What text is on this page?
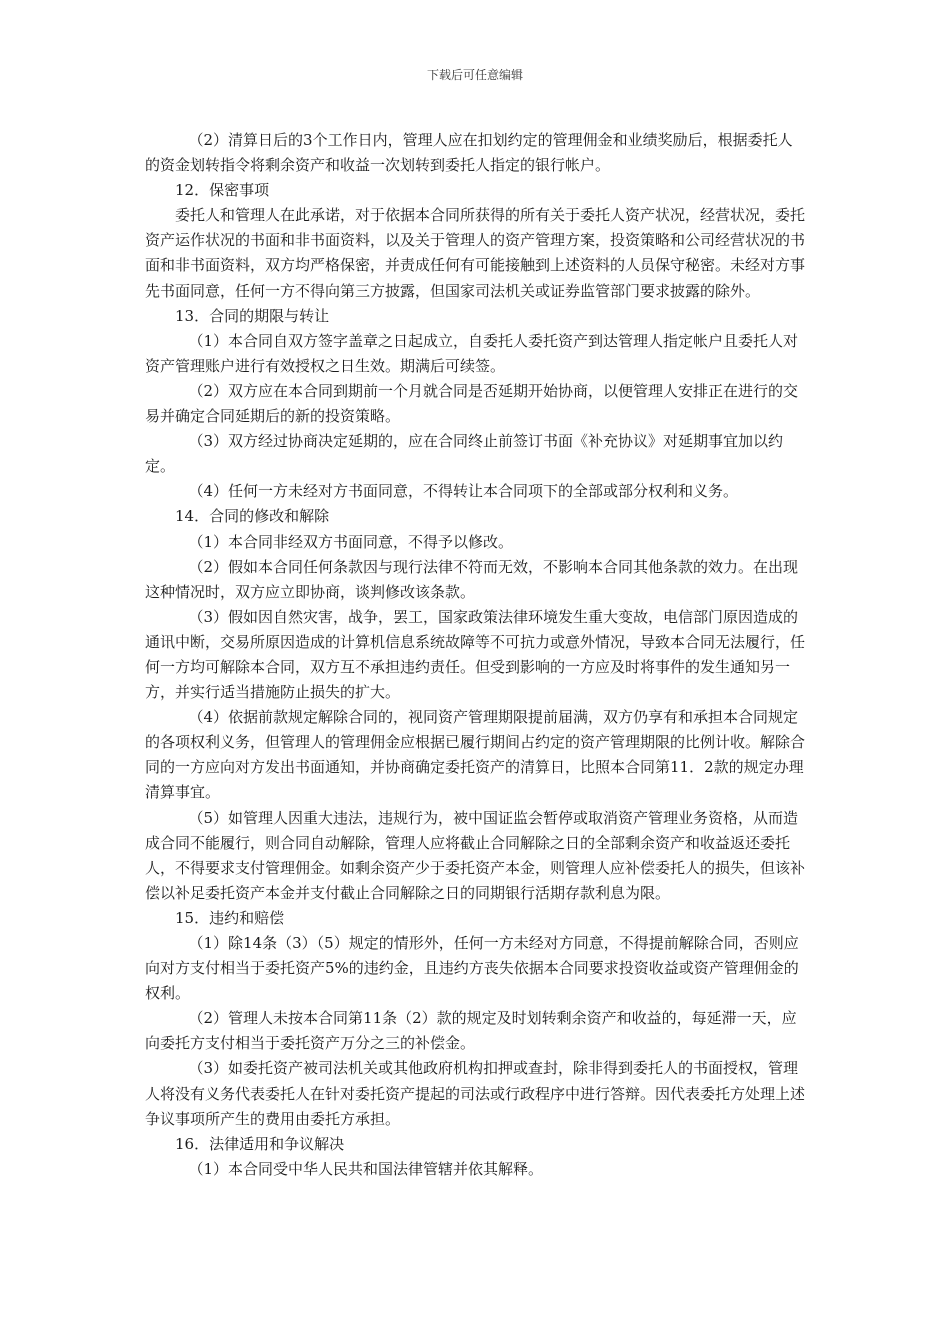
下载后可任意编辑

（2）清算日后的3个工作日内，管理人应在扣划约定的管理佣金和业绩奖励后，根据委托人的资金划转指令将剩余资产和收益一次划转到委托人指定的银行帐户。

12．保密事项

委托人和管理人在此承诺，对于依据本合同所获得的所有关于委托人资产状况，经营状况，委托资产运作状况的书面和非书面资料，以及关于管理人的资产管理方案，投资策略和公司经营状况的书面和非书面资料，双方均严格保密，并责成任何有可能接触到上述资料的人员保守秘密。未经对方事先书面同意，任何一方不得向第三方披露，但国家司法机关或证券监管部门要求披露的除外。

13．合同的期限与转让

（1）本合同自双方签字盖章之日起成立，自委托人委托资产到达管理人指定帐户且委托人对资产管理账户进行有效授权之日生效。期满后可续签。

（2）双方应在本合同到期前一个月就合同是否延期开始协商，以便管理人安排正在进行的交易并确定合同延期后的新的投资策略。

（3）双方经过协商决定延期的，应在合同终止前签订书面《补充协议》对延期事宜加以约定。

（4）任何一方未经对方书面同意，不得转让本合同项下的全部或部分权利和义务。

14．合同的修改和解除

（1）本合同非经双方书面同意，不得予以修改。

（2）假如本合同任何条款因与现行法律不符而无效，不影响本合同其他条款的效力。在出现这种情况时，双方应立即协商，谈判修改该条款。

（3）假如因自然灾害，战争，罢工，国家政策法律环境发生重大变故，电信部门原因造成的通讯中断，交易所原因造成的计算机信息系统故障等不可抗力或意外情况，导致本合同无法履行，任何一方均可解除本合同，双方互不承担违约责任。但受到影响的一方应及时将事件的发生通知另一方，并实行适当措施防止损失的扩大。

（4）依据前款规定解除合同的，视同资产管理期限提前届满，双方仍享有和承担本合同规定的各项权利义务，但管理人的管理佣金应根据已履行期间占约定的资产管理期限的比例计收。解除合同的一方应向对方发出书面通知，并协商确定委托资产的清算日，比照本合同第11．2款的规定办理清算事宜。

（5）如管理人因重大违法，违规行为，被中国证监会暂停或取消资产管理业务资格，从而造成合同不能履行，则合同自动解除，管理人应将截止合同解除之日的全部剩余资产和收益返还委托人，不得要求支付管理佣金。如剩余资产少于委托资产本金，则管理人应补偿委托人的损失，但该补偿以补足委托资产本金并支付截止合同解除之日的同期银行活期存款利息为限。

15．违约和赔偿

（1）除14条（3）（5）规定的情形外，任何一方未经对方同意，不得提前解除合同，否则应向对方支付相当于委托资产5%的违约金，且违约方丧失依据本合同要求投资收益或资产管理佣金的权利。

（2）管理人未按本合同第11条（2）款的规定及时划转剩余资产和收益的，每延滞一天，应向委托方支付相当于委托资产万分之三的补偿金。

（3）如委托资产被司法机关或其他政府机构扣押或查封，除非得到委托人的书面授权，管理人将没有义务代表委托人在针对委托资产提起的司法或行政程序中进行答辩。因代表委托方处理上述争议事项所产生的费用由委托方承担。

16．法律适用和争议解决

（1）本合同受中华人民共和国法律管辖并依其解释。
